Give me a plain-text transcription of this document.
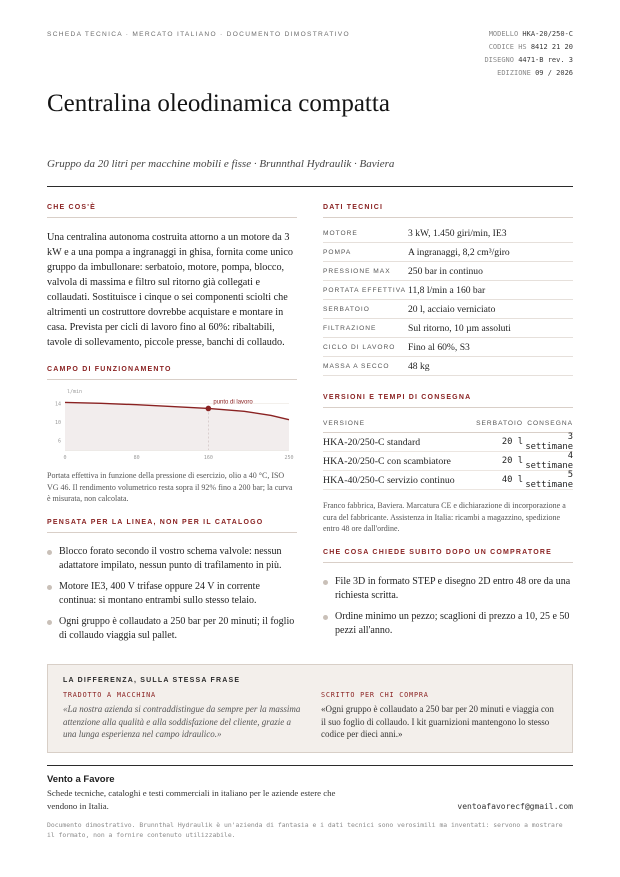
SCHEDA TECNICA · MERCATO ITALIANO · DOCUMENTO DIMOSTRATIVO	MODELLO HKA-20/250-C
CODICE HS 8412 21 20
DISEGNO 4471-B rev. 3
EDIZIONE 09 / 2026
Centralina oleodinamica compatta
Gruppo da 20 litri per macchine mobili e fisse · Brunnthal Hydraulik · Baviera
CHE COS'È
Una centralina autonoma costruita attorno a un motore da 3 kW e a una pompa a ingranaggi in ghisa, fornita come unico gruppo da imbullonare: serbatoio, motore, pompa, blocco, valvola di massima e filtro sul ritorno già collegati e collaudati. Sostituisce i cinque o sei componenti sciolti che altrimenti un costruttore dovrebbe acquistare e montare in casa. Prevista per cicli di lavoro fino al 60%: ribaltabili, tavole di sollevamento, piccole presse, banchi di collaudo.
CAMPO DI FUNZIONAMENTO
6
10
14
0	80	160	250
punto di lavoro
l/min
Portata effettiva in funzione della pressione di esercizio, olio a 40 °C, ISO VG 46. Il rendimento volumetrico resta sopra il 92% fino a 200 bar; la curva è misurata, non calcolata.
PENSATA PER LA LINEA, NON PER IL CATALOGO
Blocco forato secondo il vostro schema valvole: nessun adattatore impilato, nessun punto di trafilamento in più.
Motore IE3, 400 V trifase oppure 24 V in corrente continua: si montano entrambi sullo stesso telaio.
Ogni gruppo è collaudato a 250 bar per 20 minuti; il foglio di collaudo viaggia sul pallet.
DATI TECNICI
MOTORE	3 kW, 1.450 giri/min, IE3
POMPA	A ingranaggi, 8,2 cm³/giro
PRESSIONE MAX	250 bar in continuo
PORTATA EFFETTIVA	11,8 l/min a 160 bar
SERBATOIO	20 l, acciaio verniciato
FILTRAZIONE	Sul ritorno, 10 µm assoluti
CICLO DI LAVORO	Fino al 60%, S3
MASSA A SECCO	48 kg
VERSIONI E TEMPI DI CONSEGNA
VERSIONE	SERBATOIO CONSEGNA
HKA-20/250-C standard	20 l	3 settimane
HKA-20/250-C con scambiatore	20 l	4 settimane
HKA-40/250-C servizio continuo	40 l	5 settimane
Franco fabbrica, Baviera. Marcatura CE e dichiarazione di incorporazione a cura del fabbricante. Assistenza in Italia: ricambi a magazzino, spedizione entro 48 ore dall'ordine.
CHE COSA CHIEDE SUBITO DOPO UN COMPRATORE
File 3D in formato STEP e disegno 2D entro 48 ore da una richiesta scritta.
Ordine minimo un pezzo; scaglioni di prezzo a 10, 25 e 50 pezzi all'anno.
LA DIFFERENZA, SULLA STESSA FRASE
TRADOTTO A MACCHINA
«La nostra azienda si contraddistingue da sempre per la massima attenzione alla qualità e alla soddisfazione del cliente, grazie a una lunga esperienza nel campo idraulico.»
SCRITTO PER CHI COMPRA
«Ogni gruppo è collaudato a 250 bar per 20 minuti e viaggia con il suo foglio di collaudo. I kit guarnizioni mantengono lo stesso codice per dieci anni.»
Vento a Favore
Schede tecniche, cataloghi e testi commerciali in italiano per le aziende estere che vendono in Italia.	ventoafavorecf@gmail.com
Documento dimostrativo. Brunnthal Hydraulik è un'azienda di fantasia e i dati tecnici sono verosimili ma inventati: servono a mostrare il formato, non a fornire contenuto utilizzabile.
